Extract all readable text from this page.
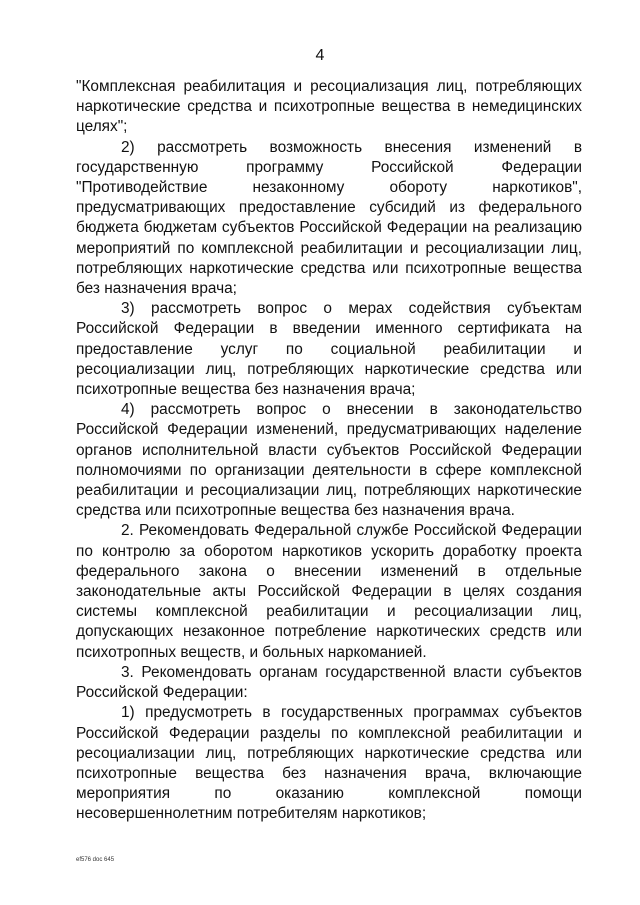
4

"Комплексная реабилитация и ресоциализация лиц, потребляющих наркотические средства и психотропные вещества в немедицинских целях";

2) рассмотреть возможность внесения изменений в государственную программу Российской Федерации "Противодействие незаконному обороту наркотиков", предусматривающих предоставление субсидий из федерального бюджета бюджетам субъектов Российской Федерации на реализацию мероприятий по комплексной реабилитации и ресоциализации лиц, потребляющих наркотические средства или психотропные вещества без назначения врача;

3) рассмотреть вопрос о мерах содействия субъектам Российской Федерации в введении именного сертификата на предоставление услуг по социальной реабилитации и ресоциализации лиц, потребляющих наркотические средства или психотропные вещества без назначения врача;

4) рассмотреть вопрос о внесении в законодательство Российской Федерации изменений, предусматривающих наделение органов исполнительной власти субъектов Российской Федерации полномочиями по организации деятельности в сфере комплексной реабилитации и ресоциализации лиц, потребляющих наркотические средства или психотропные вещества без назначения врача.

2. Рекомендовать Федеральной службе Российской Федерации по контролю за оборотом наркотиков ускорить доработку проекта федерального закона о внесении изменений в отдельные законодательные акты Российской Федерации в целях создания системы комплексной реабилитации и ресоциализации лиц, допускающих незаконное потребление наркотических средств или психотропных веществ, и больных наркоманией.

3. Рекомендовать органам государственной власти субъектов Российской Федерации:

1) предусмотреть в государственных программах субъектов Российской Федерации разделы по комплексной реабилитации и ресоциализации лиц, потребляющих наркотические средства или психотропные вещества без назначения врача, включающие мероприятия по оказанию комплексной помощи несовершеннолетним потребителям наркотиков;

ef576 doc 645
